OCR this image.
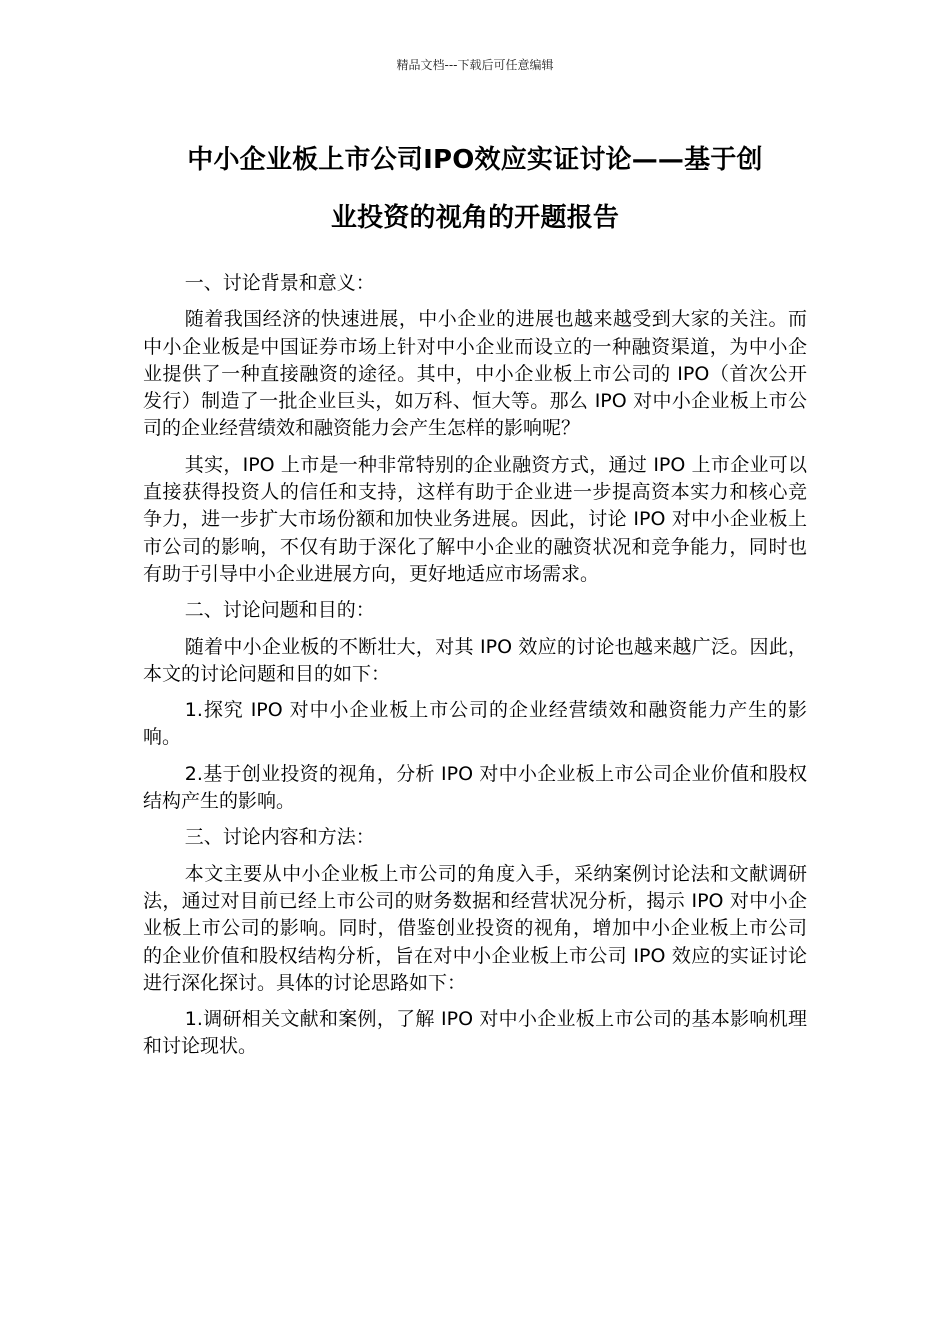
精品文档---下载后可任意编辑
中小企业板上市公司IPO效应实证讨论——基于创
业投资的视角的开题报告

一、讨论背景和意义：

随着我国经济的快速进展，中小企业的进展也越来越受到大家的关注。而中小企业板是中国证券市场上针对中小企业而设立的一种融资渠道，为中小企业提供了一种直接融资的途径。其中，中小企业板上市公司的 IPO（首次公开发行）制造了一批企业巨头，如万科、恒大等。那么 IPO 对中小企业板上市公司的企业经营绩效和融资能力会产生怎样的影响呢？

其实，IPO 上市是一种非常特别的企业融资方式，通过 IPO 上市企业可以直接获得投资人的信任和支持，这样有助于企业进一步提高资本实力和核心竞争力，进一步扩大市场份额和加快业务进展。因此，讨论 IPO 对中小企业板上市公司的影响，不仅有助于深化了解中小企业的融资状况和竞争能力，同时也有助于引导中小企业进展方向，更好地适应市场需求。

二、讨论问题和目的：

随着中小企业板的不断壮大，对其 IPO 效应的讨论也越来越广泛。因此，本文的讨论问题和目的如下：

1.探究 IPO 对中小企业板上市公司的企业经营绩效和融资能力产生的影响。

2.基于创业投资的视角，分析 IPO 对中小企业板上市公司企业价值和股权结构产生的影响。

三、讨论内容和方法：

本文主要从中小企业板上市公司的角度入手，采纳案例讨论法和文献调研法，通过对目前已经上市公司的财务数据和经营状况分析，揭示 IPO 对中小企业板上市公司的影响。同时，借鉴创业投资的视角，增加中小企业板上市公司的企业价值和股权结构分析，旨在对中小企业板上市公司 IPO 效应的实证讨论进行深化探讨。具体的讨论思路如下：

1.调研相关文献和案例，了解 IPO 对中小企业板上市公司的基本影响机理和讨论现状。
